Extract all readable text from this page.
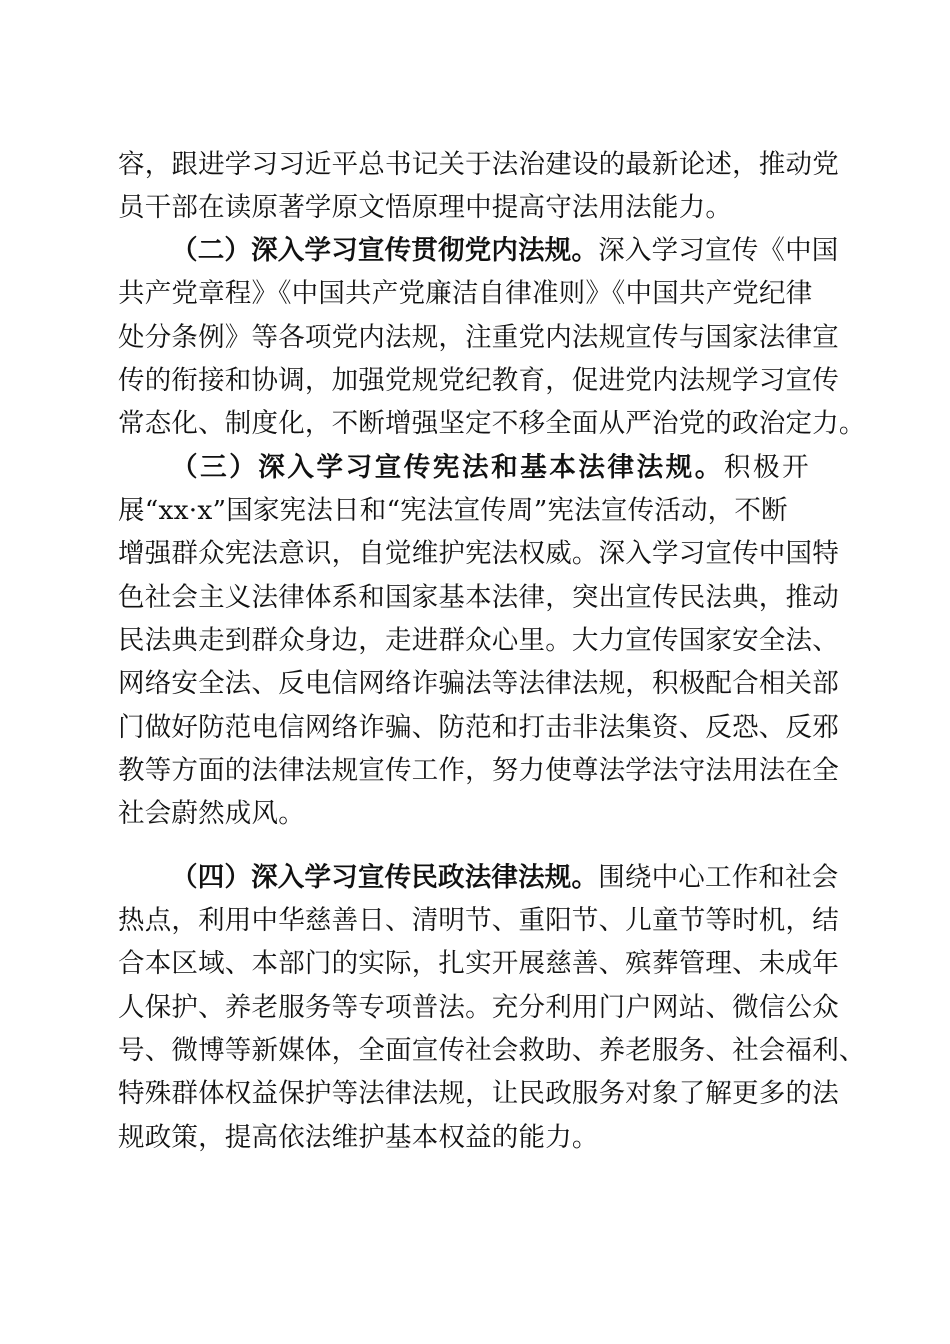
容，跟进学习习近平总书记关于法治建设的最新论述，推动党
员干部在读原著学原文悟原理中提高守法用法能力。
（二）深入学习宣传贯彻党内法规。深入学习宣传《中国
共产党章程》《中国共产党廉洁自律准则》《中国共产党纪律
处分条例》等各项党内法规，注重党内法规宣传与国家法律宣
传的衔接和协调，加强党规党纪教育，促进党内法规学习宣传
常态化、制度化，不断增强坚定不移全面从严治党的政治定力。
（三）深入学习宣传宪法和基本法律法规。积极开
展“xx·x”国家宪法日和“宪法宣传周”宪法宣传活动，不断
增强群众宪法意识，自觉维护宪法权威。深入学习宣传中国特
色社会主义法律体系和国家基本法律，突出宣传民法典，推动
民法典走到群众身边，走进群众心里。大力宣传国家安全法、
网络安全法、反电信网络诈骗法等法律法规，积极配合相关部
门做好防范电信网络诈骗、防范和打击非法集资、反恐、反邪
教等方面的法律法规宣传工作，努力使尊法学法守法用法在全
社会蔚然成风。
（四）深入学习宣传民政法律法规。围绕中心工作和社会
热点，利用中华慈善日、清明节、重阳节、儿童节等时机，结
合本区域、本部门的实际，扎实开展慈善、殡葬管理、未成年
人保护、养老服务等专项普法。充分利用门户网站、微信公众
号、微博等新媒体，全面宣传社会救助、养老服务、社会福利、
特殊群体权益保护等法律法规，让民政服务对象了解更多的法
规政策，提高依法维护基本权益的能力。
